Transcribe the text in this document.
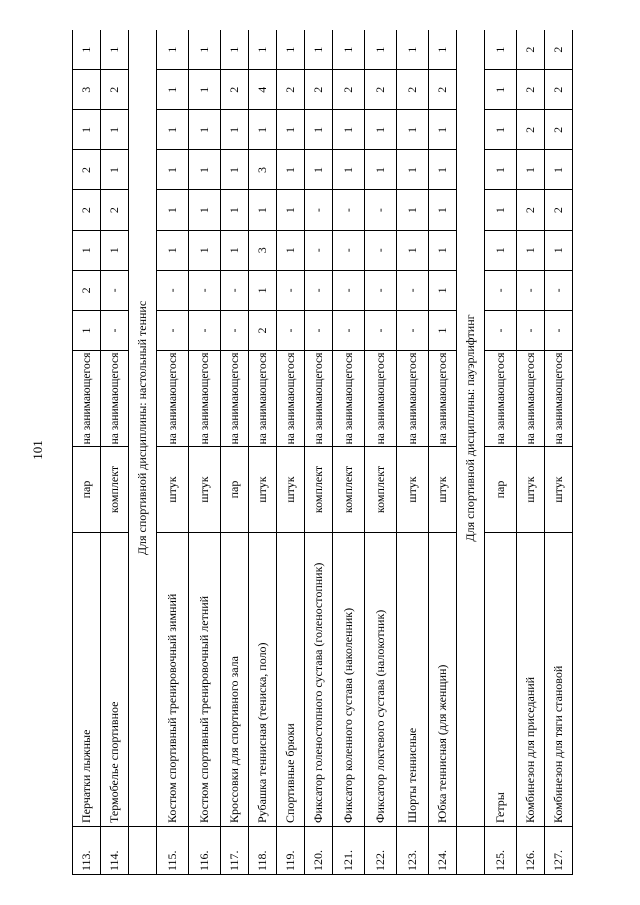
101
113.	Перчатки лыжные	пар	на занимающегося	1	2	1	2	2	1	3	1
114.	Термобелье спортивное	комплект	на занимающегося	-	-	1	2	1	1	2	1
	Для спортивной дисциплины: настольный теннис										
115.	Костюм спортивный тренировочный зимний	штук	на занимающегося	-	-	1	1	1	1	1	1
116.	Костюм спортивный тренировочный летний	штук	на занимающегося	-	-	1	1	1	1	1	1
117.	Кроссовки для спортивного зала	пар	на занимающегося	-	-	1	1	1	1	2	1
118.	Рубашка теннисная (тениска, поло)	штук	на занимающегося	2	1	3	1	3	1	4	1
119.	Спортивные брюки	штук	на занимающегося	-	-	1	1	1	1	2	1
120.	Фиксатор голеностопного сустава (голеностопник)	комплект	на занимающегося	-	-	-	-	1	1	2	1
121.	Фиксатор коленного сустава (наколенник)	комплект	на занимающегося	-	-	-	-	1	1	2	1
122.	Фиксатор локтевого сустава (налокотник)	комплект	на занимающегося	-	-	-	-	1	1	2	1
123.	Шорты теннисные	штук	на занимающегося	-	-	1	1	1	1	2	1
124.	Юбка теннисная (для женщин)	штук	на занимающегося	1	1	1	1	1	1	2	1
	Для спортивной дисциплины: пауэрлифтинг										
125.	Гетры	пар	на занимающегося	-	-	1	1	1	1	1	1
126.	Комбинезон для приседаний	штук	на занимающегося	-	-	1	2	1	2	2	2
127.	Комбинезон для тяги становой	штук	на занимающегося	-	-	1	2	1	2	2	2
